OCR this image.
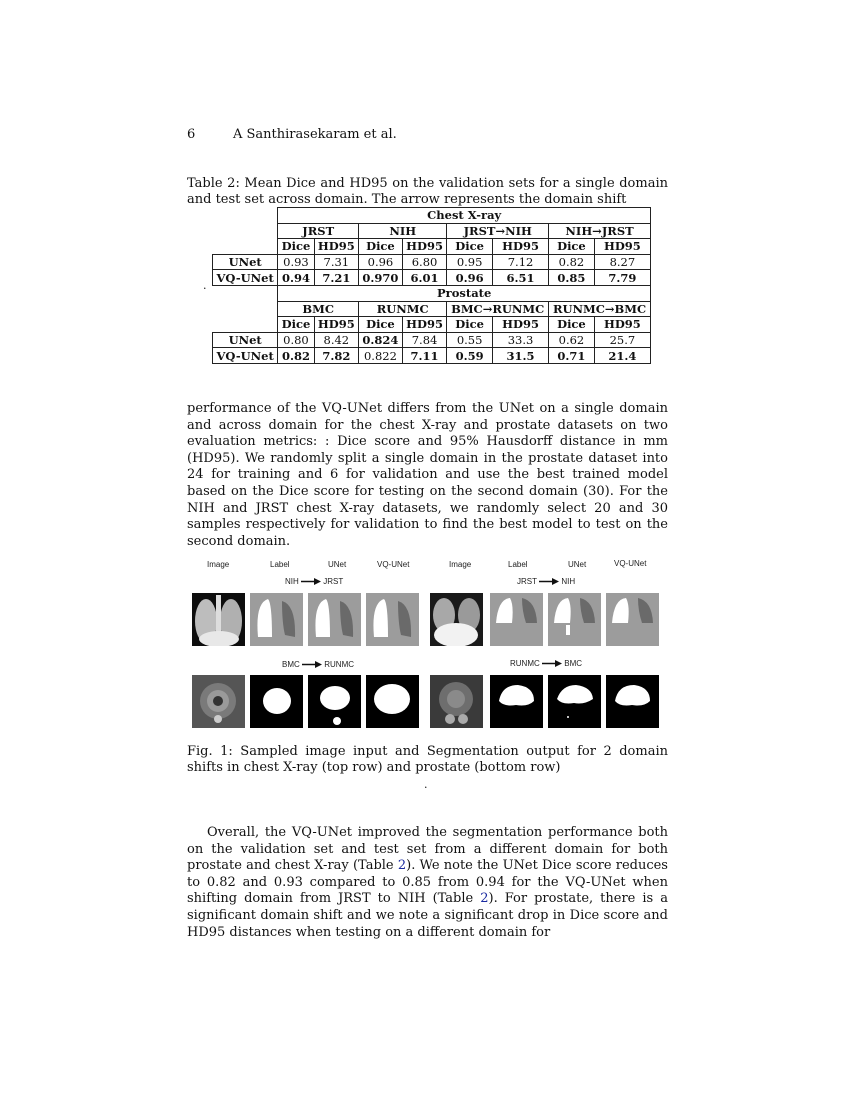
6	A Santhirasekaram et al.
Table 2: Mean Dice and HD95 on the validation sets for a single domain and test set across domain. The arrow represents the domain shift
	Chest X-ray							
	JRST		NIH		JRST→NIH		NIH→JRST	
	Dice	HD95	Dice	HD95	Dice	HD95	Dice	HD95
UNet	0.93	7.31	0.96	6.80	0.95	7.12	0.82	8.27
VQ-UNet	0.94	7.21	0.970	6.01	0.96	6.51	0.85	7.79
	Prostate							
	BMC		RUNMC		BMC→RUNMC		RUNMC→BMC	
	Dice	HD95	Dice	HD95	Dice	HD95	Dice	HD95
UNet	0.80	8.42	0.824	7.84	0.55	33.3	0.62	25.7
VQ-UNet	0.82	7.82	0.822	7.11	0.59	31.5	0.71	21.4
.

performance of the VQ-UNet differs from the UNet on a single domain and across domain for the chest X-ray and prostate datasets on two evaluation metrics: : Dice score and 95% Hausdorff distance in mm (HD95). We randomly split a single domain in the prostate dataset into 24 for training and 6 for validation and use the best trained model based on the Dice score for testing on the second domain (30). For the NIH and JRST chest X-ray datasets, we randomly select 20 and 30 samples respectively for validation to find the best model to test on the second domain.

Image	Label	UNet	VQ-UNet	Image	Label	UNet	VQ-UNet
NIH	JRST	JRST	NIH
BMC	RUNMC	RUNMC	BMC
Fig. 1: Sampled image input and Segmentation output for 2 domain shifts in chest X-ray (top row) and prostate (bottom row)
.

Overall, the VQ-UNet improved the segmentation performance both on the validation set and test set from a different domain for both prostate and chest X-ray (Table 2). We note the UNet Dice score reduces to 0.82 and 0.93 compared to 0.85 from 0.94 for the VQ-UNet when shifting domain from JRST to NIH (Table 2). For prostate, there is a significant domain shift and we note a significant drop in Dice score and HD95 distances when testing on a different domain for
